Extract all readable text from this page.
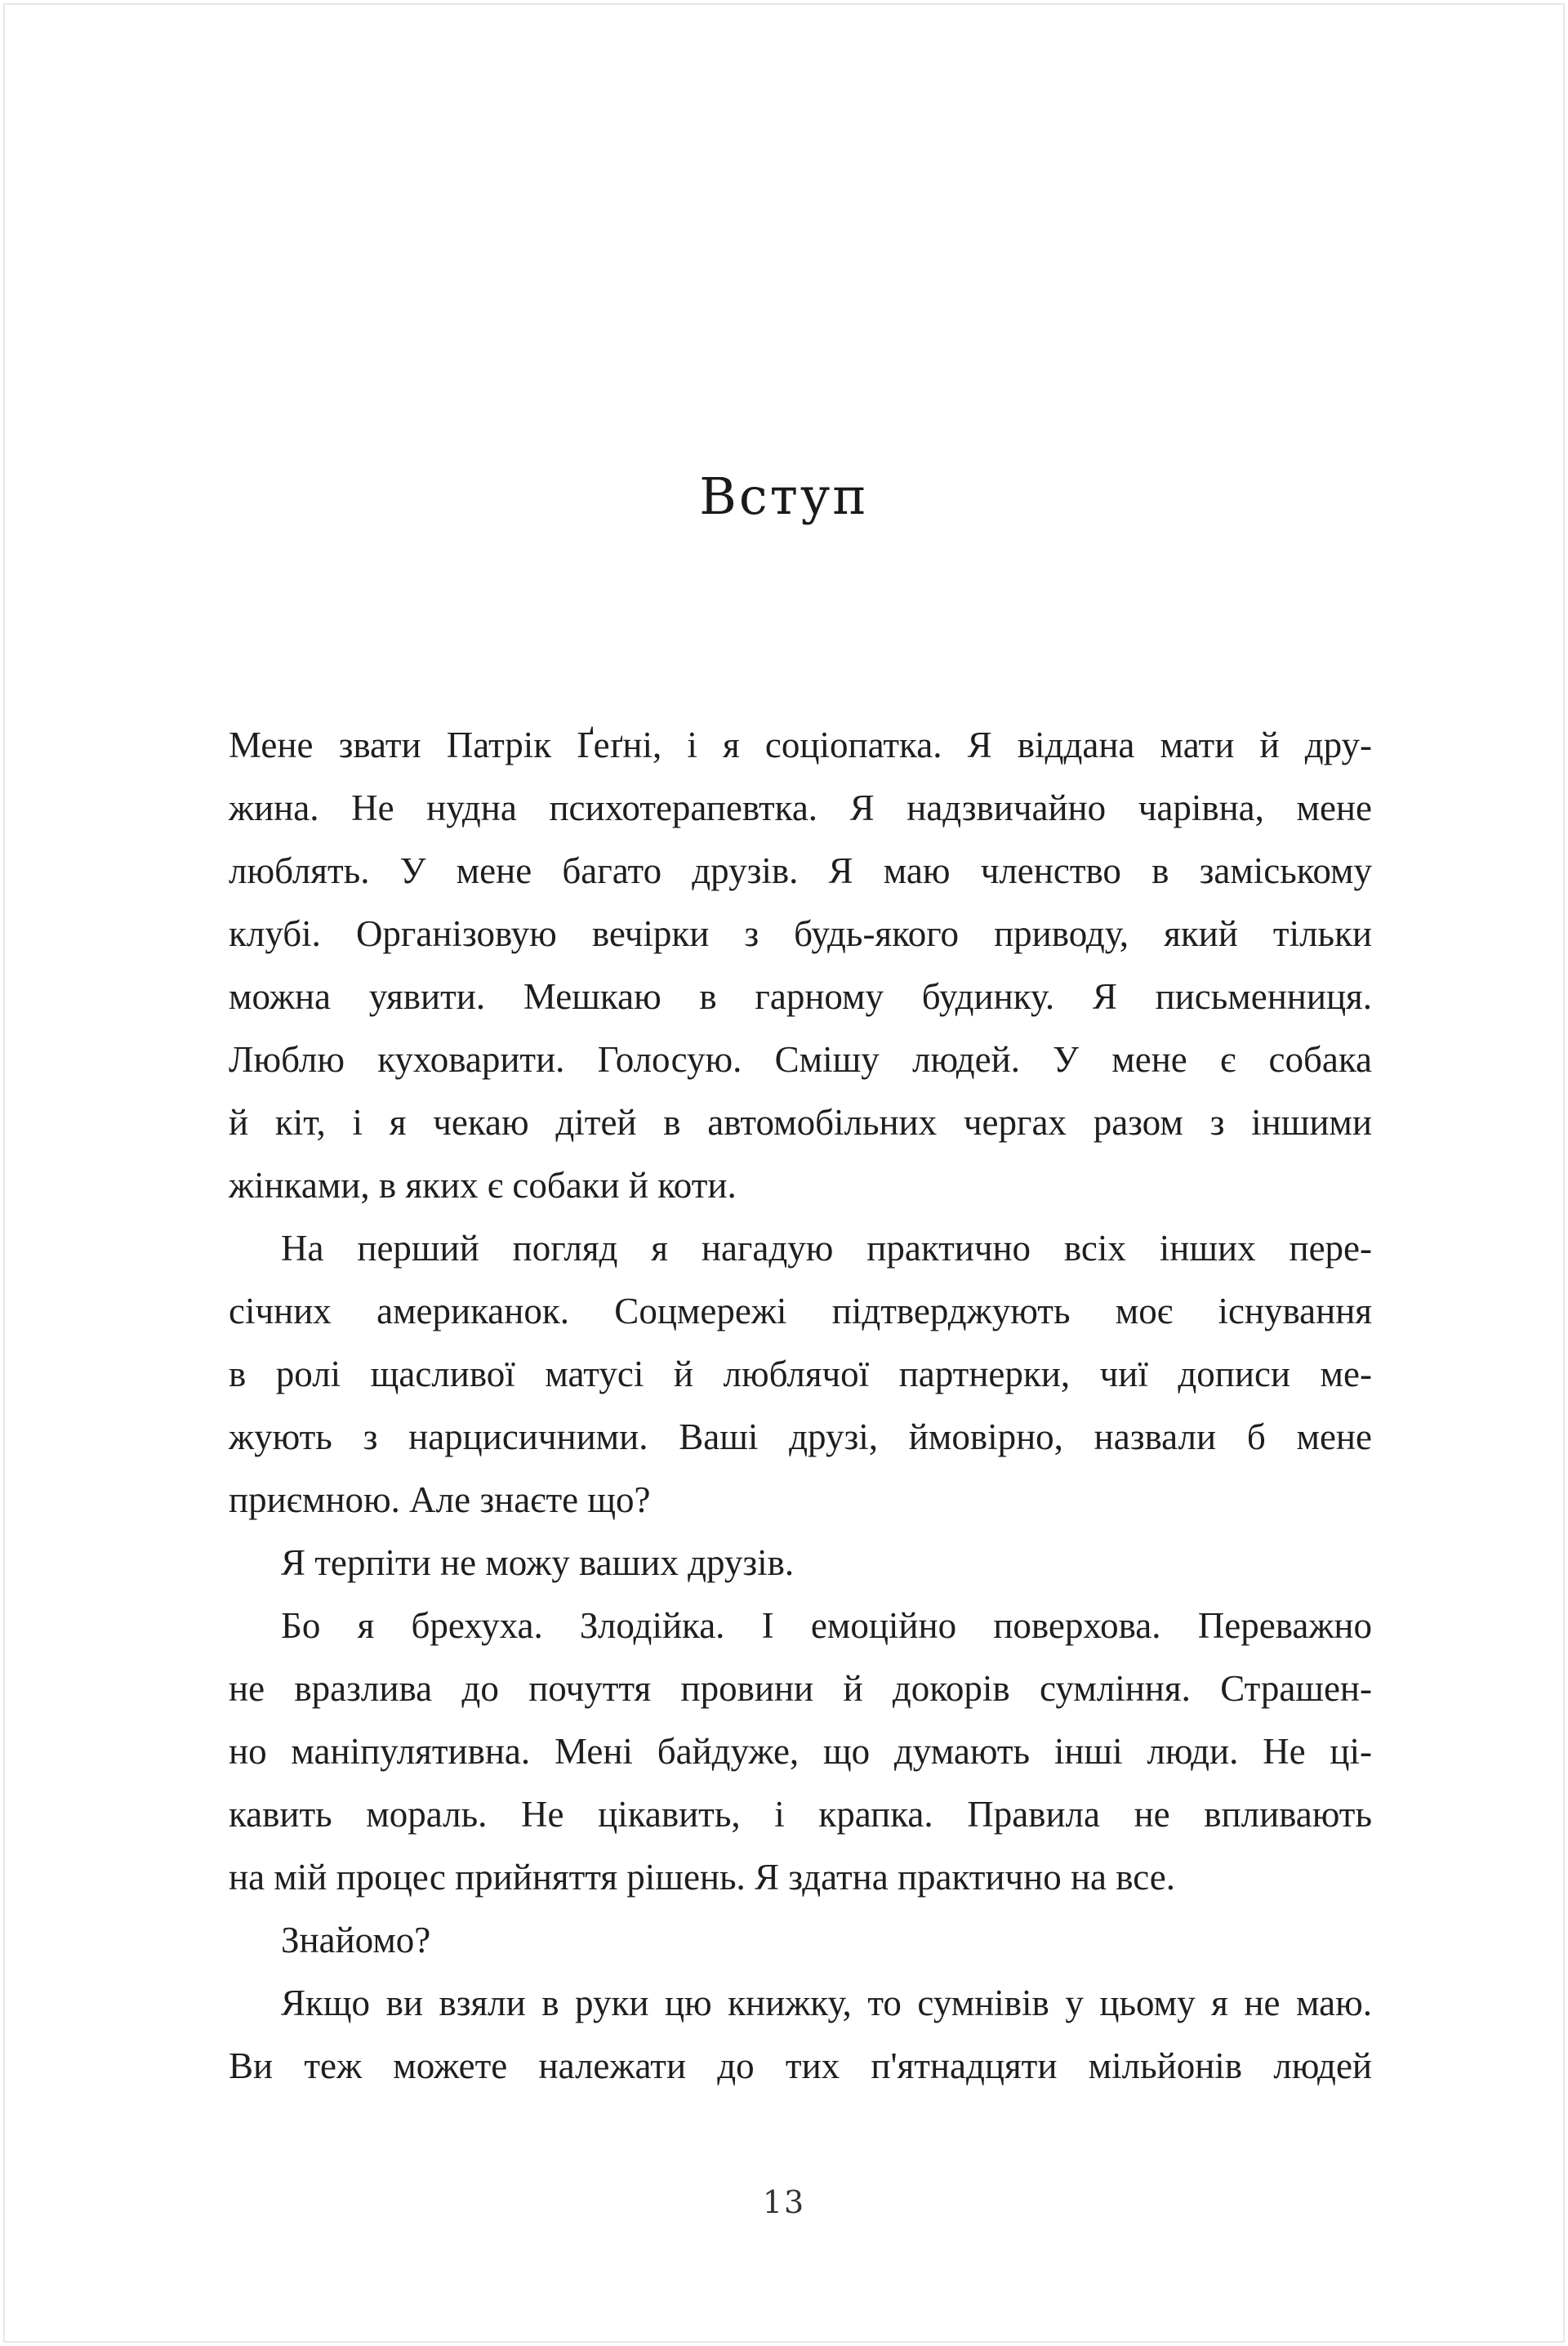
Вступ

Мене звати Патрік Ґеґні, і я соціопатка. Я віддана мати й дру-

жина. Не нудна психотерапевтка. Я надзвичайно чарівна, мене

люблять. У мене багато друзів. Я маю членство в заміському

клубі. Організовую вечірки з будь-якого приводу, який тільки

можна уявити. Мешкаю в гарному будинку. Я письменниця.

Люблю куховарити. Голосую. Смішу людей. У мене є собака

й кіт, і я чекаю дітей в автомобільних чергах разом з іншими

жінками, в яких є собаки й коти.

На перший погляд я нагадую практично всіх інших пере-

січних американок. Соцмережі підтверджують моє існування

в ролі щасливої матусі й люблячої партнерки, чиї дописи ме-

жують з нарцисичними. Ваші друзі, ймовірно, назвали б мене

приємною. Але знаєте що?

Я терпіти не можу ваших друзів.

Бо я брехуха. Злодійка. І емоційно поверхова. Переважно

не вразлива до почуття провини й докорів сумління. Страшен-

но маніпулятивна. Мені байдуже, що думають інші люди. Не ці-

кавить мораль. Не цікавить, і крапка. Правила не впливають

на мій процес прийняття рішень. Я здатна практично на все.

Знайомо?

Якщо ви взяли в руки цю книжку, то сумнівів у цьому я не маю.

Ви теж можете належати до тих п'ятнадцяти мільйонів людей

13
